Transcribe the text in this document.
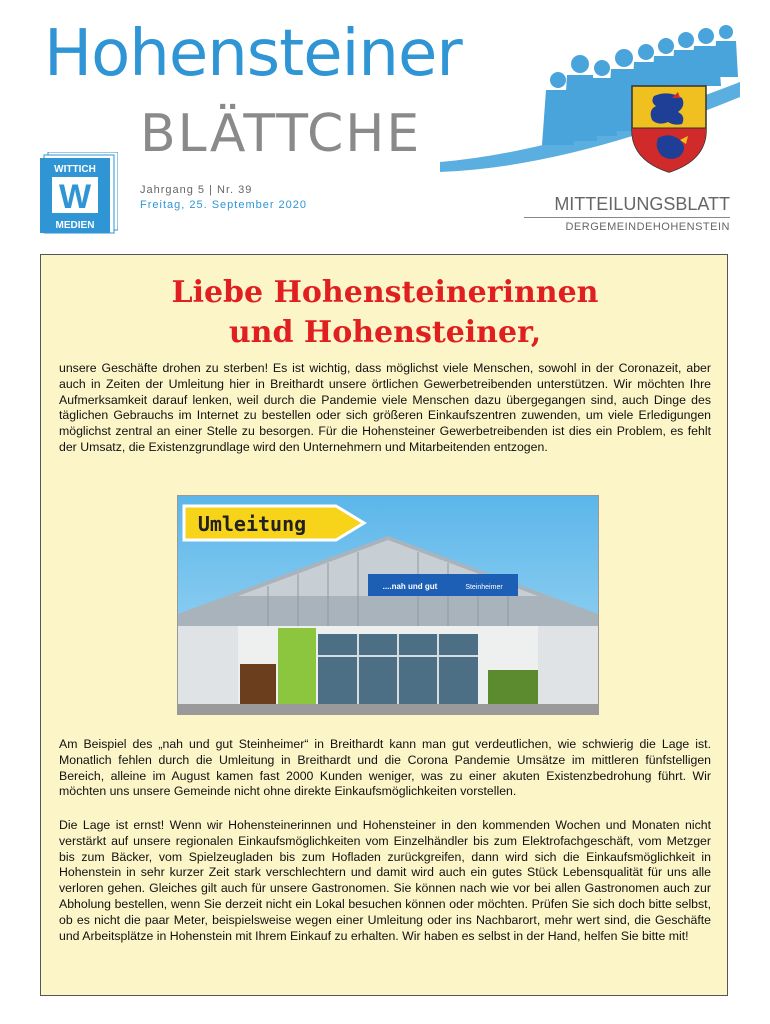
Hohensteiner
BLÄTTCHE
Jahrgang 5 | Nr. 39
Freitag, 25. September 2020	MITTEILUNGSBLATT
DERGEMEINDEHOHENSTEIN
WITTICH
W
MEDIEN
Liebe Hohensteinerinnen
und Hohensteiner,
unsere Geschäfte drohen zu sterben! Es ist wichtig, dass möglichst viele Menschen, sowohl in der Coronazeit, aber auch in Zeiten der Umleitung hier in Breithardt unsere örtlichen Gewerbetreibenden unterstützen. Wir möchten Ihre Aufmerksamkeit darauf lenken, weil durch die Pandemie viele Menschen dazu übergegangen sind, auch Dinge des täglichen Gebrauchs im Internet zu bestellen oder sich größeren Einkaufszentren zuwenden, um viele Erledigungen möglichst zentral an einer Stelle zu besorgen. Für die Hohensteiner Gewerbetreibenden ist dies ein Problem, es fehlt der Umsatz, die Existenzgrundlage wird den Unternehmern und Mitarbeitenden entzogen.
....nah und gut	Steinheimer
Umleitung
Am Beispiel des „nah und gut Steinheimer“ in Breithardt kann man gut verdeutlichen, wie schwierig die Lage ist. Monatlich fehlen durch die Umleitung in Breithardt und die Corona Pandemie Umsätze im mittleren fünfstelligen Bereich, alleine im August kamen fast 2000 Kunden weniger, was zu einer akuten Existenzbedrohung führt. Wir möchten uns unsere Gemeinde nicht ohne direkte Einkaufsmöglichkeiten vorstellen.
Die Lage ist ernst! Wenn wir Hohensteinerinnen und Hohensteiner in den kommenden Wochen und Monaten nicht verstärkt auf unsere regionalen Einkaufsmöglichkeiten vom Einzelhändler bis zum Elektrofachgeschäft, vom Metzger bis zum Bäcker, vom Spielzeugladen bis zum Hofladen zurückgreifen, dann wird sich die Einkaufsmöglichkeit in Hohenstein in sehr kurzer Zeit stark verschlechtern und damit wird auch ein gutes Stück Lebensqualität für uns alle verloren gehen. Gleiches gilt auch für unsere Gastronomen. Sie können nach wie vor bei allen Gastronomen auch zur Abholung bestellen, wenn Sie derzeit nicht ein Lokal besuchen können oder möchten. Prüfen Sie sich doch bitte selbst, ob es nicht die paar Meter, beispielsweise wegen einer Umleitung oder ins Nachbarort, mehr wert sind, die Geschäfte und Arbeitsplätze in Hohenstein mit Ihrem Einkauf zu erhalten. Wir haben es selbst in der Hand, helfen Sie bitte mit!
